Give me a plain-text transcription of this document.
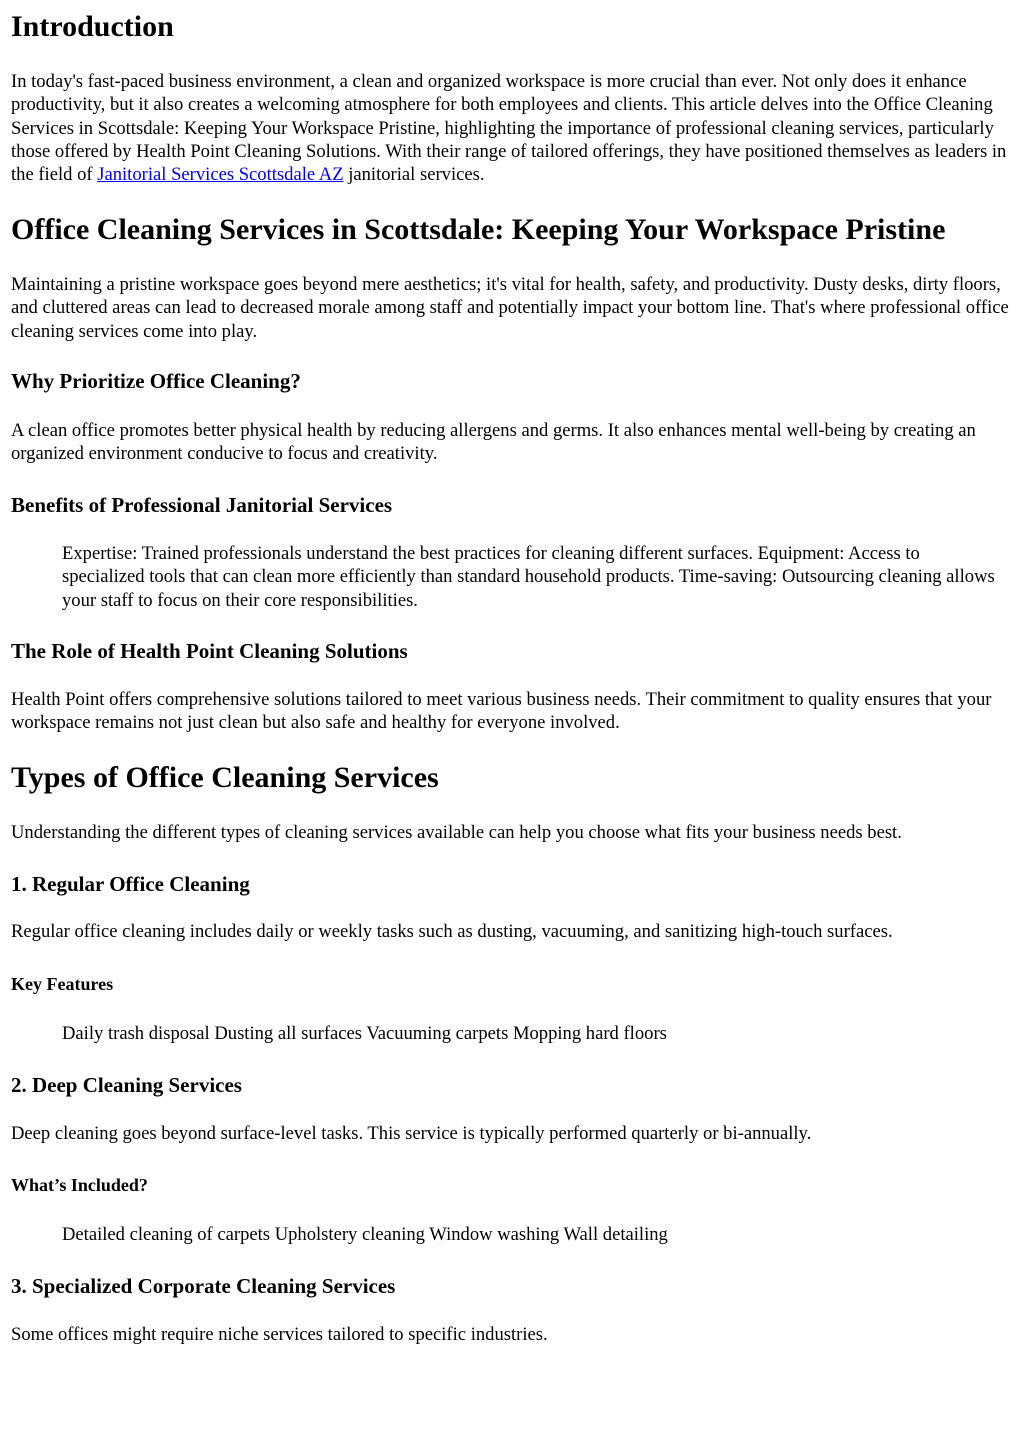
Introduction

In today's fast-paced business environment, a clean and organized workspace is more crucial than ever. Not only does it enhance productivity, but it also creates a welcoming atmosphere for both employees and clients. This article delves into the Office Cleaning Services in Scottsdale: Keeping Your Workspace Pristine, highlighting the importance of professional cleaning services, particularly those offered by Health Point Cleaning Solutions. With their range of tailored offerings, they have positioned themselves as leaders in the field of Janitorial Services Scottsdale AZ janitorial services.

Office Cleaning Services in Scottsdale: Keeping Your Workspace Pristine

Maintaining a pristine workspace goes beyond mere aesthetics; it's vital for health, safety, and productivity. Dusty desks, dirty floors, and cluttered areas can lead to decreased morale among staff and potentially impact your bottom line. That's where professional office cleaning services come into play.

Why Prioritize Office Cleaning?

A clean office promotes better physical health by reducing allergens and germs. It also enhances mental well-being by creating an organized environment conducive to focus and creativity.

Benefits of Professional Janitorial Services

Expertise: Trained professionals understand the best practices for cleaning different surfaces. Equipment: Access to specialized tools that can clean more efficiently than standard household products. Time-saving: Outsourcing cleaning allows your staff to focus on their core responsibilities.

The Role of Health Point Cleaning Solutions

Health Point offers comprehensive solutions tailored to meet various business needs. Their commitment to quality ensures that your workspace remains not just clean but also safe and healthy for everyone involved.

Types of Office Cleaning Services

Understanding the different types of cleaning services available can help you choose what fits your business needs best.

1. Regular Office Cleaning

Regular office cleaning includes daily or weekly tasks such as dusting, vacuuming, and sanitizing high-touch surfaces.

Key Features

Daily trash disposal Dusting all surfaces Vacuuming carpets Mopping hard floors

2. Deep Cleaning Services

Deep cleaning goes beyond surface-level tasks. This service is typically performed quarterly or bi-annually.

What’s Included?

Detailed cleaning of carpets Upholstery cleaning Window washing Wall detailing

3. Specialized Corporate Cleaning Services

Some offices might require niche services tailored to specific industries.
